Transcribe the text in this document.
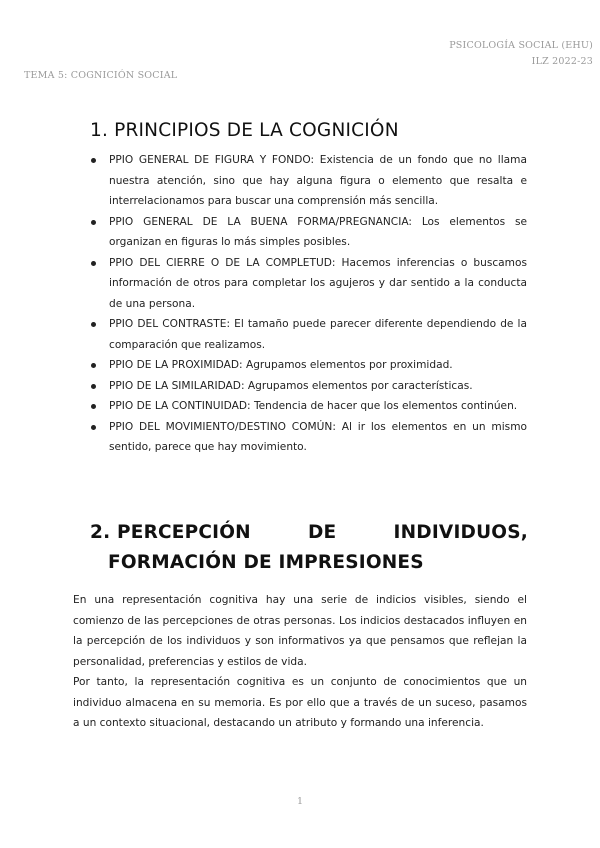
PSICOLOGÍA SOCIAL (EHU)
ILZ 2022-23
TEMA 5: COGNICIÓN SOCIAL
1. PRINCIPIOS DE LA COGNICIÓN
PPIO GENERAL DE FIGURA Y FONDO: Existencia de un fondo que no llama nuestra atención, sino que hay alguna figura o elemento que resalta e interrelacionamos para buscar una comprensión más sencilla.
PPIO GENERAL DE LA BUENA FORMA/PREGNANCIA: Los elementos se organizan en figuras lo más simples posibles.
PPIO DEL CIERRE O DE LA COMPLETUD: Hacemos inferencias o buscamos información de otros para completar los agujeros y dar sentido a la conducta de una persona.
PPIO DEL CONTRASTE: El tamaño puede parecer diferente dependiendo de la comparación que realizamos.
PPIO DE LA PROXIMIDAD: Agrupamos elementos por proximidad.
PPIO DE LA SIMILARIDAD: Agrupamos elementos por características.
PPIO DE LA CONTINUIDAD: Tendencia de hacer que los elementos continúen.
PPIO DEL MOVIMIENTO/DESTINO COMÚN: Al ir los elementos en un mismo sentido, parece que hay movimiento.
2. PERCEPCIÓN	DE	INDIVIDUOS,
FORMACIÓN DE IMPRESIONES

En una representación cognitiva hay una serie de indicios visibles, siendo el comienzo de las percepciones de otras personas. Los indicios destacados influyen en la percepción de los individuos y son informativos ya que pensamos que reflejan la personalidad, preferencias y estilos de vida.

Por tanto, la representación cognitiva es un conjunto de conocimientos que un individuo almacena en su memoria. Es por ello que a través de un suceso, pasamos a un contexto situacional, destacando un atributo y formando una inferencia.

1
